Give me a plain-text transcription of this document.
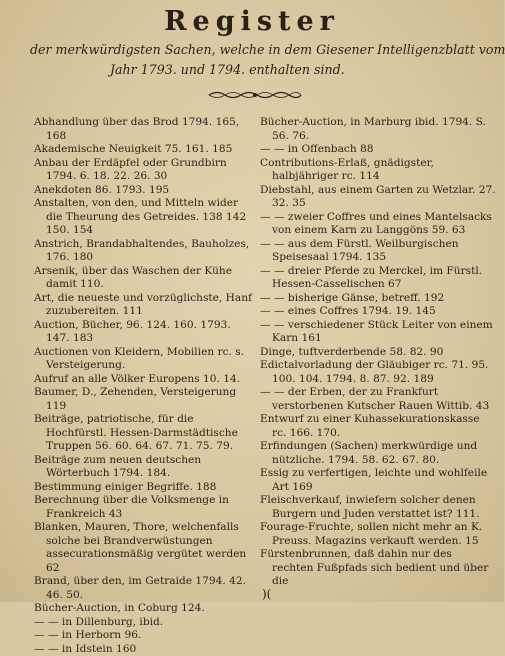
Register
der merkwürdigsten Sachen, welche in dem Giesener Intelligenzblatt vom
Jahr 1793. und 1794. enthalten sind.

Abhandlung über das Brod 1794. 165, 168

Akademische Neuigkeit 75. 161. 185

Anbau der Erdäpfel oder Grundbirn 1794. 6. 18. 22. 26. 30

Anekdoten 86. 1793. 195

Anstalten, von den, und Mitteln wider die Theurung des Getreides. 138 142 150. 154

Anstrich, Brandabhaltendes, Bauholzes, 176. 180

Arsenik, über das Waschen der Kühe damit 110.

Art, die neueste und vorzüglichste, Hanf zuzubereiten. 111

Auction, Bücher, 96. 124. 160. 1793. 147. 183

Auctionen von Kleidern, Mobilien rc. s. Versteigerung.

Aufruf an alle Völker Europens 10. 14.

Baumer, D., Zehenden, Versteigerung 119

Beiträge, patriotische, für die Hochfürstl. Hessen-Darmstädtische Truppen 56. 60. 64. 67. 71. 75. 79.

Beiträge zum neuen deutschen Wörterbuch 1794. 184.

Bestimmung einiger Begriffe. 188

Berechnung über die Volksmenge in Frankreich 43

Blanken, Mauren, Thore, welchenfalls solche bei Brandverwüstungen assecurationsmäßig vergütet werden 62

Brand, über den, im Getraide 1794. 42. 46. 50.

Bücher-Auction, in Coburg 124.

— — in Dillenburg, ibid.

— — in Herborn 96.

— — in Idstein 160

Bücher-Auction, in Marburg ibid. 1794. S. 56. 76.

— — in Offenbach 88

Contributions-Erlaß, gnädigster, halbjähriger rc. 114

Diebstahl, aus einem Garten zu Wetzlar. 27. 32. 35

— — zweier Coffres und eines Mantelsacks von einem Karn zu Langgöns 59. 63

— — aus dem Fürstl. Weilburgischen Speisesaal 1794. 135

— — dreier Pferde zu Merckel, im Fürstl. Hessen-Casselischen 67

— — bisherige Gänse, betreff. 192

— — eines Coffres 1794. 19. 145

— — verschiedener Stück Leiter von einem Karn 161

Dinge, tuftverderbende 58. 82. 90

Edictalvorladung der Gläubiger rc. 71. 95. 100. 104. 1794. 8. 87. 92. 189

— — der Erben, der zu Frankfurt verstorbenen Kutscher Rauen Wittib. 43

Entwurf zu einer Kuhassekurationskasse rc. 166. 170.

Erfindungen (Sachen) merkwürdige und nützliche. 1794. 58. 62. 67. 80.

Essig zu verfertigen, leichte und wohlfeile Art 169

Fleischverkauf, inwiefern solcher denen Burgern und Juden verstattet ist? 111.

Fourage-Fruchte, sollen nicht mehr an K. Preuss. Magazins verkauft werden. 15

Fürstenbrunnen, daß dahin nur des rechten Fußpfads sich bedient und über die

)(
